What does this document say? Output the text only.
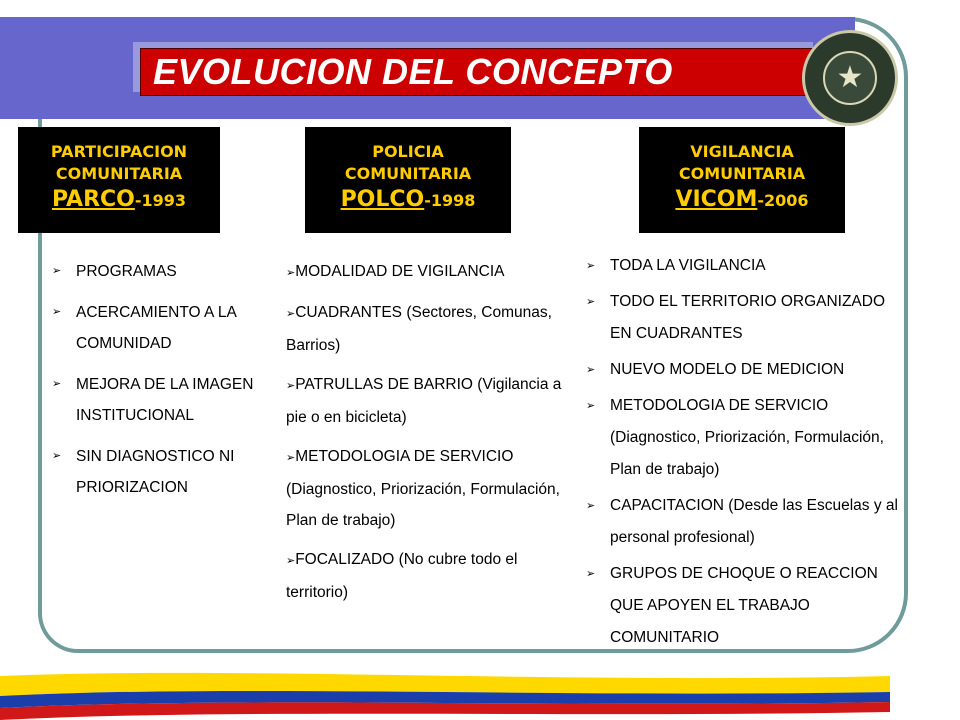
EVOLUCION DEL CONCEPTO	★
PARTICIPACION
COMUNITARIA
PARCO-1993
POLICIA
COMUNITARIA
POLCO-1998
VIGILANCIA
COMUNITARIA
VICOM-2006
➢ PROGRAMAS
➢ ACERCAMIENTO A LA COMUNIDAD
➢ MEJORA DE LA IMAGEN INSTITUCIONAL
➢ SIN DIAGNOSTICO NI PRIORIZACION
➢MODALIDAD DE VIGILANCIA
➢CUADRANTES (Sectores, Comunas, Barrios)
➢PATRULLAS DE BARRIO (Vigilancia a pie o en bicicleta)
➢METODOLOGIA DE SERVICIO (Diagnostico, Priorización, Formulación, Plan de trabajo)
➢FOCALIZADO (No cubre todo el territorio)
➢ TODA LA VIGILANCIA
➢ TODO EL TERRITORIO ORGANIZADO EN CUADRANTES
➢ NUEVO MODELO DE MEDICION
➢ METODOLOGIA DE SERVICIO (Diagnostico, Priorización, Formulación, Plan de trabajo)
➢ CAPACITACION (Desde las Escuelas y al personal profesional)
➢ GRUPOS DE CHOQUE O REACCION QUE APOYEN EL TRABAJO COMUNITARIO
